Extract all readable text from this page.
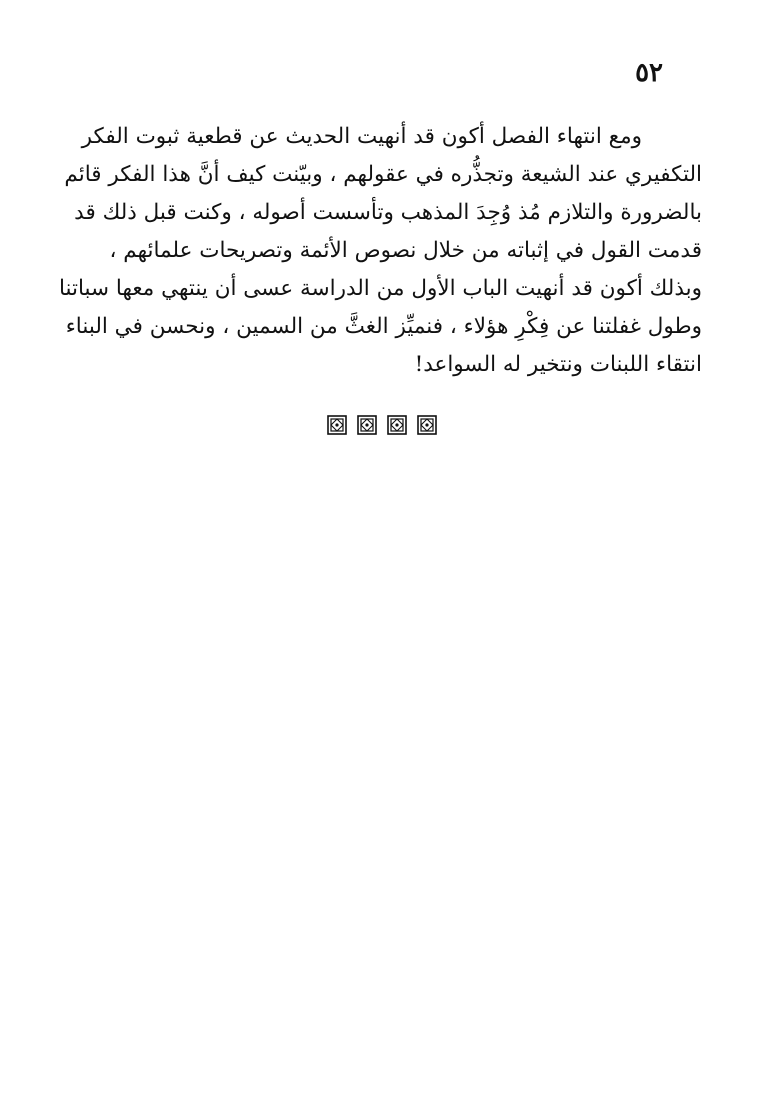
٥٢
ومع انتهاء الفصل أكون قد أنهيت الحديث عن قطعية ثبوت الفكر
التكفيري عند الشيعة وتجذُّره في عقولهم ، وبيّنت كيف أنَّ هذا الفكر قائم
بالضرورة والتلازم مُذ وُجِدَ المذهب وتأسست أصوله ، وكنت قبل ذلك قد
قدمت القول في إثباته من خلال نصوص الأئمة وتصريحات علمائهم ،
وبذلك أكون قد أنهيت الباب الأول من الدراسة عسى أن ينتهي معها سباتنا
وطول غفلتنا عن فِكْرِ هؤلاء ، فنميِّز الغثَّ من السمين ، ونحسن في البناء
انتقاء اللبنات ونتخير له السواعد!
